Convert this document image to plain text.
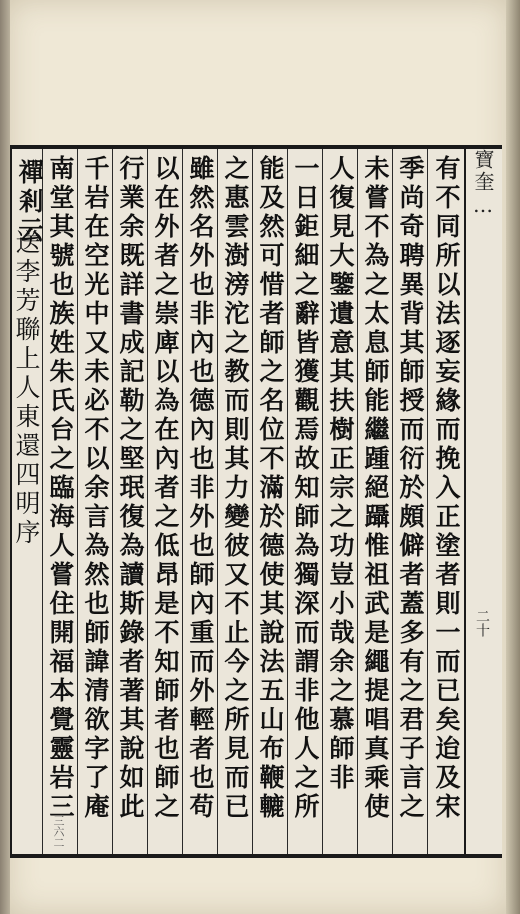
寶奎…
二十
有不同所以法逐妄緣而挽入正塗者則一而已矣迨及宋
季尚奇聘異背其師授而衍於頗僻者蓋多有之君子言之
未嘗不為之太息師能繼踵絕躡惟祖武是繩提唱真乘使
人復見大鑒遺意其扶樹正宗之功豈小哉余之慕師非
一日鉅細之辭皆獲觀焉故知師為獨深而謂非他人之所
能及然可惜者師之名位不滿於德使其說法五山布鞭轆
之惠雲澍滂沱之教而則其力變彼又不止今之所見而已
雖然名外也非內也德內也非外也師內重而外輕者也苟
以在外者之崇庳以為在內者之低昂是不知師者也師之
行業余既詳書成記勒之堅珉復為讀斯錄者著其說如此
千岩在空光中又未必不以余言為然也師諱清欲字了庵
南堂其號也族姓朱氏台之臨海人嘗住開福本覺靈岩三
禪剎云
送李芳聯上人東還四明序
三六二
